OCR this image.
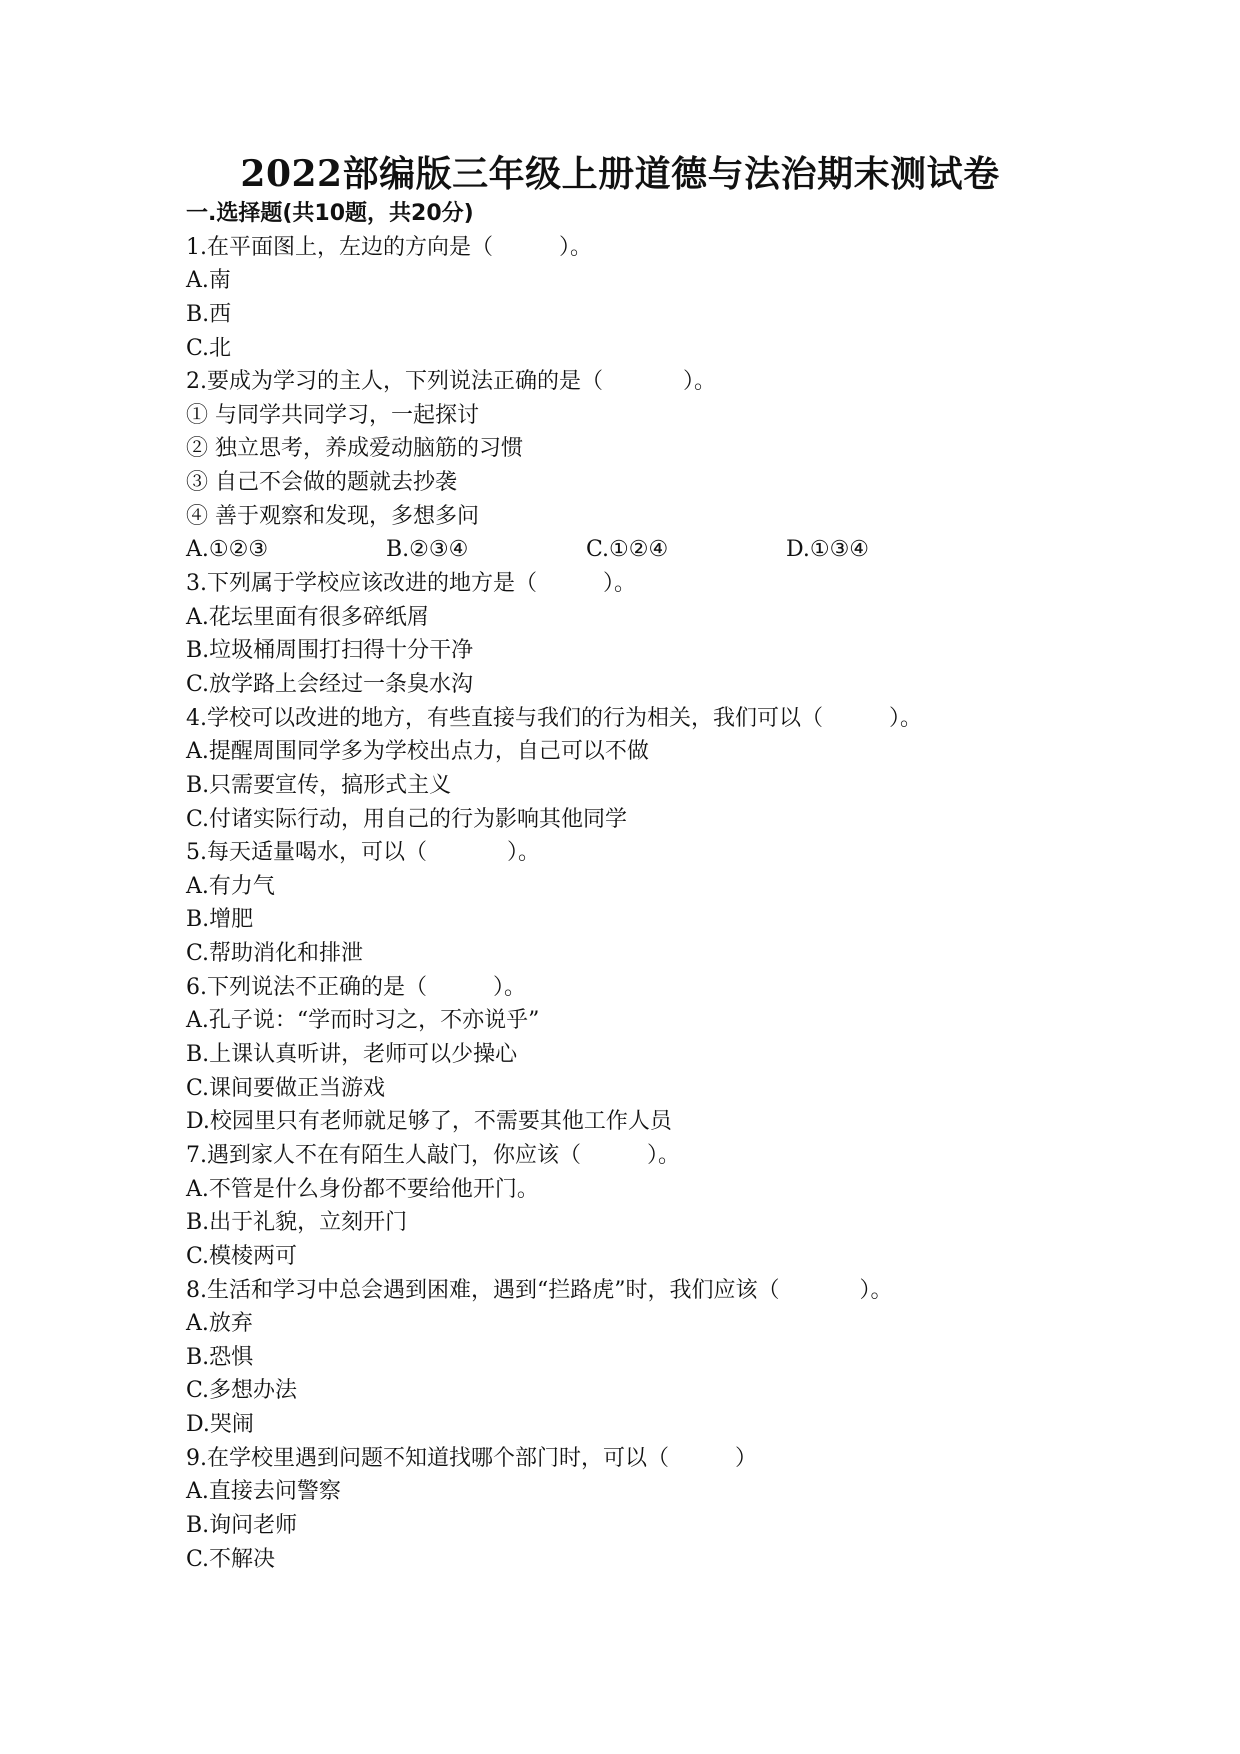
2022部编版三年级上册道德与法治期末测试卷
一.选择题(共10题，共20分)
1.在平面图上，左边的方向是（	）。
A.南
B.西
C.北
2.要成为学习的主人，下列说法正确的是（	）。
① 与同学共同学习，一起探讨
② 独立思考，养成爱动脑筋的习惯
③ 自己不会做的题就去抄袭
④ 善于观察和发现，多想多问
A.①②③	B.②③④	C.①②④	D.①③④
3.下列属于学校应该改进的地方是（	）。
A.花坛里面有很多碎纸屑
B.垃圾桶周围打扫得十分干净
C.放学路上会经过一条臭水沟
4.学校可以改进的地方，有些直接与我们的行为相关，我们可以（	）。
A.提醒周围同学多为学校出点力，自己可以不做
B.只需要宣传，搞形式主义
C.付诸实际行动，用自己的行为影响其他同学
5.每天适量喝水，可以（	）。
A.有力气
B.增肥
C.帮助消化和排泄
6.下列说法不正确的是（	）。
A.孔子说：“学而时习之，不亦说乎”
B.上课认真听讲，老师可以少操心
C.课间要做正当游戏
D.校园里只有老师就足够了，不需要其他工作人员
7.遇到家人不在有陌生人敲门，你应该（	）。
A.不管是什么身份都不要给他开门。
B.出于礼貌，立刻开门
C.模棱两可
8.生活和学习中总会遇到困难，遇到“拦路虎”时，我们应该（	）。
A.放弃
B.恐惧
C.多想办法
D.哭闹
9.在学校里遇到问题不知道找哪个部门时，可以（	）
A.直接去问警察
B.询问老师
C.不解决
